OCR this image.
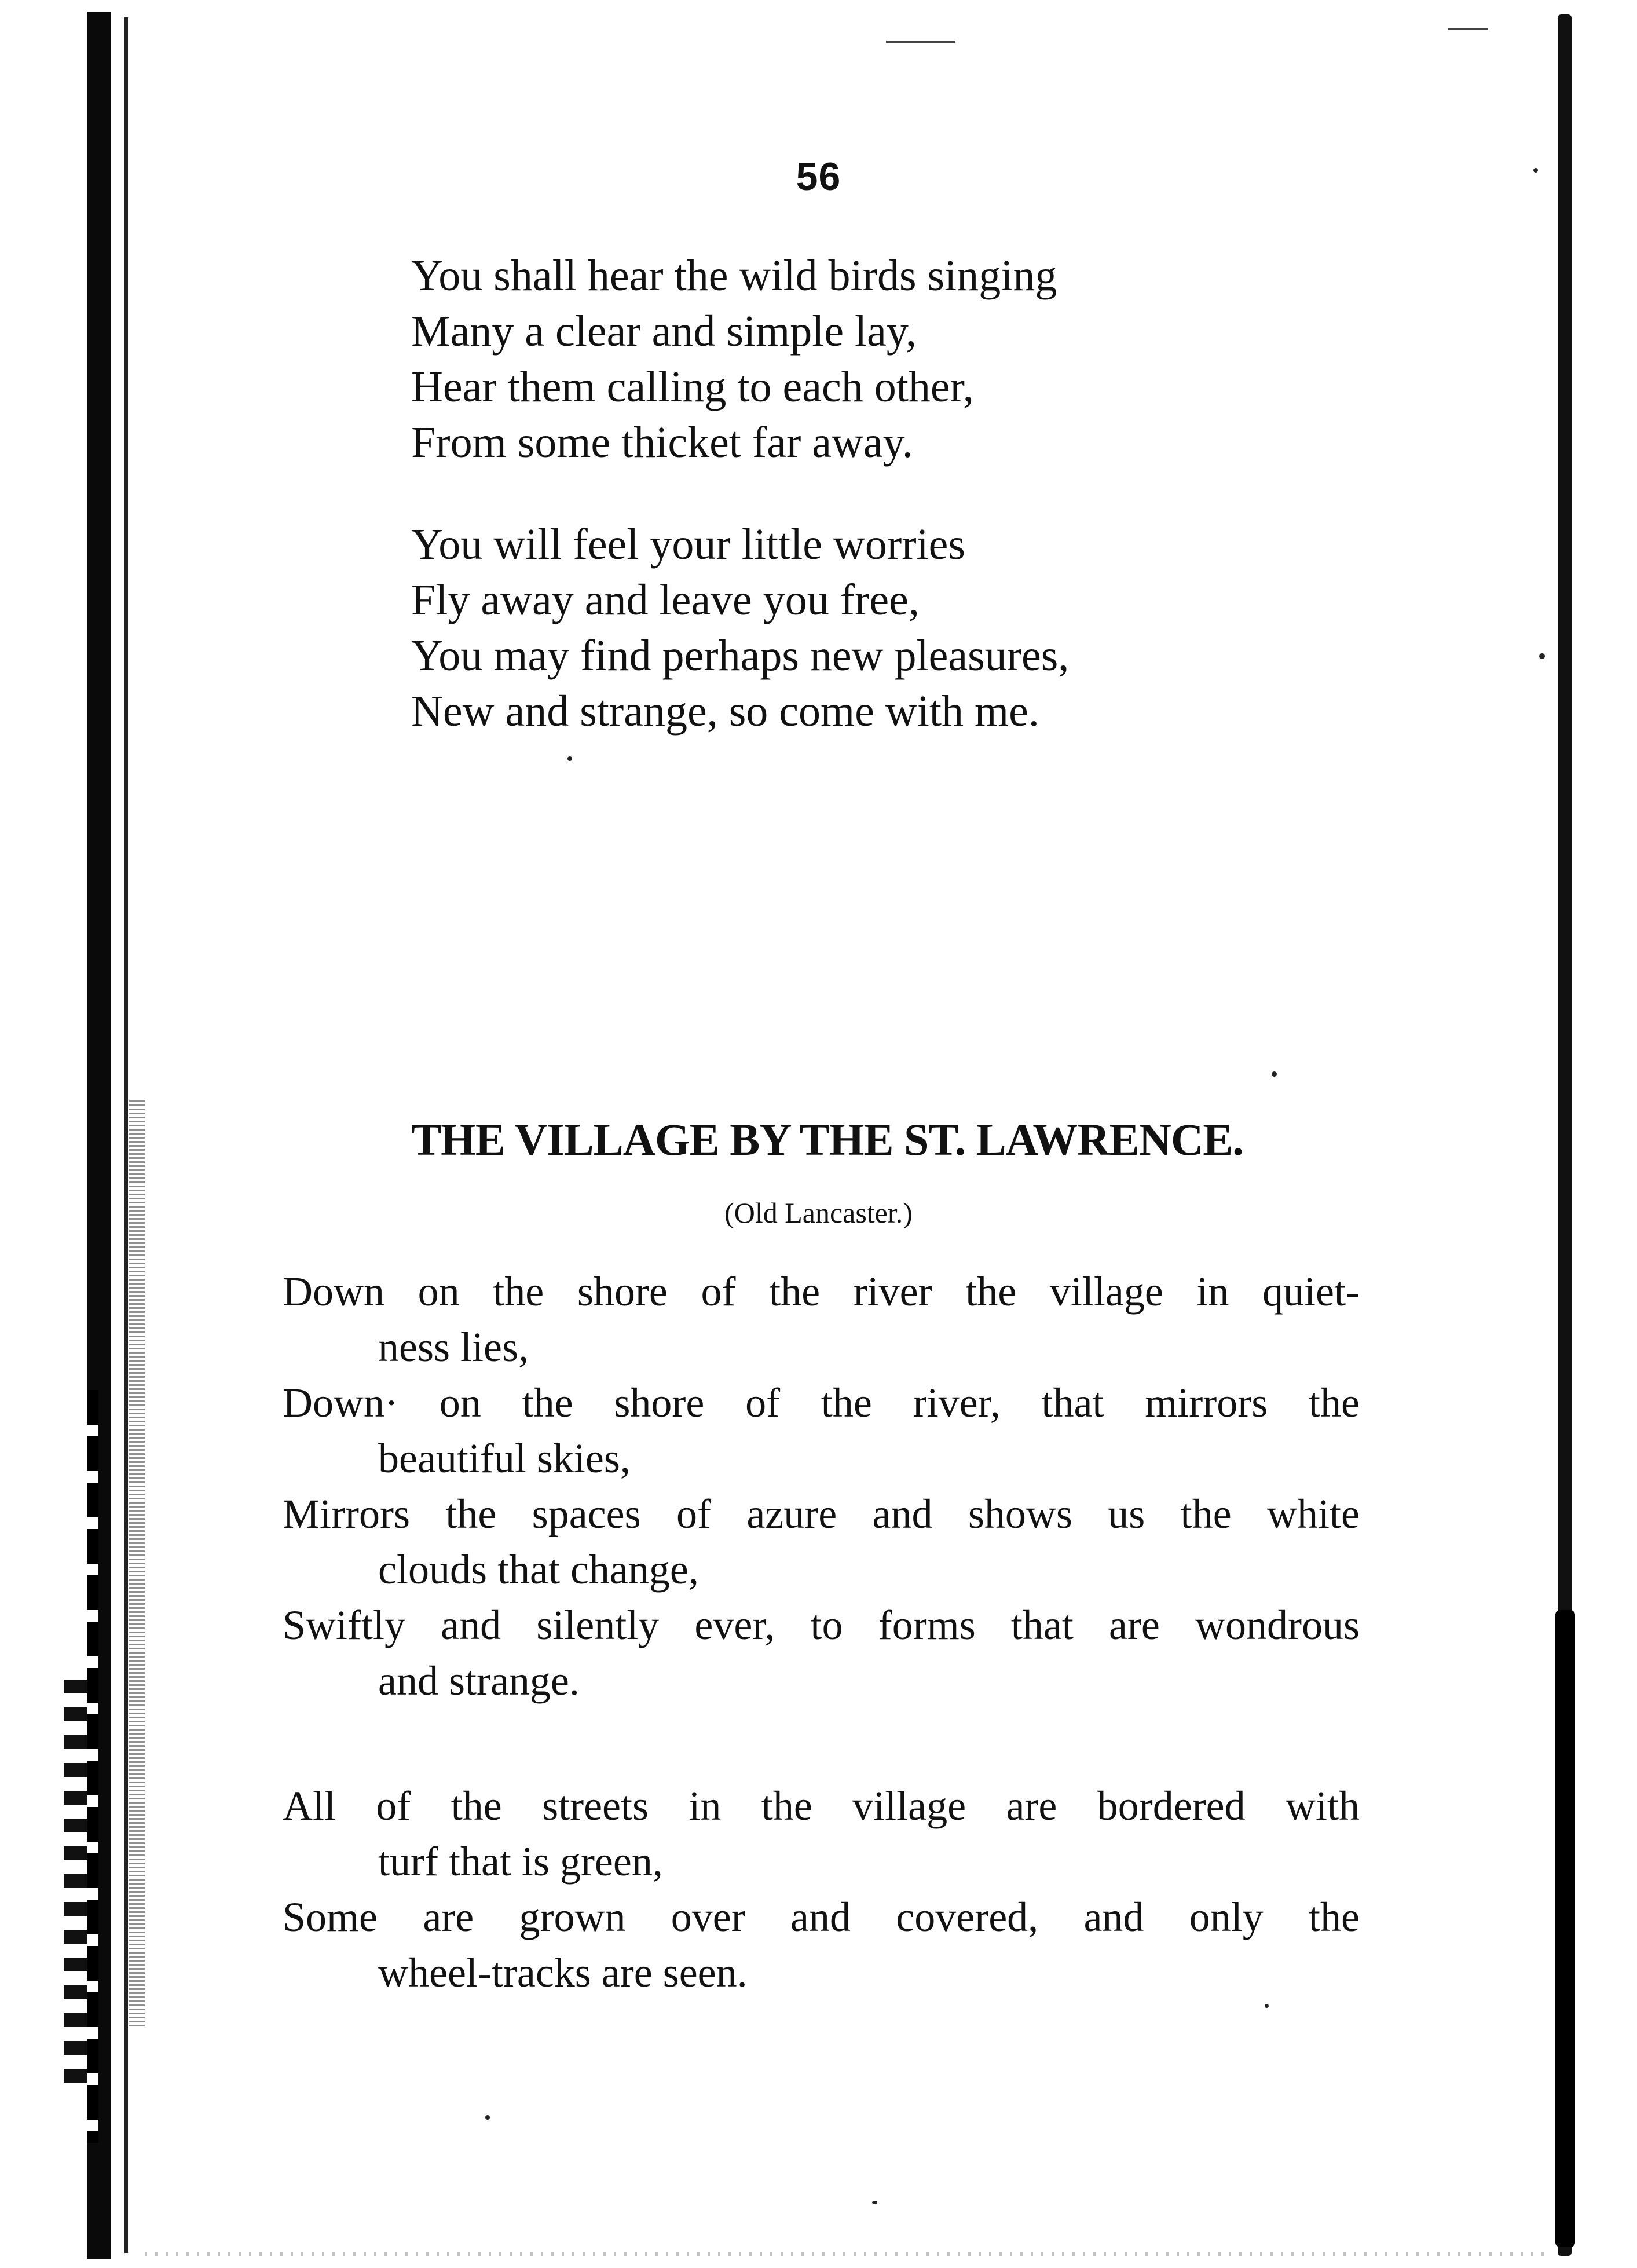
56
You shall hear the wild birds singing
Many a clear and simple lay,
Hear them calling to each other,
From some thicket far away.
You will feel your little worries
Fly away and leave you free,
You may find perhaps new pleasures,
New and strange, so come with me.
THE VILLAGE BY THE ST. LAWRENCE.
(Old Lancaster.)
Down on the shore of the river the village in quiet-
ness lies,
Down· on the shore of the river, that mirrors the
beautiful skies,
Mirrors the spaces of azure and shows us the white
clouds that change,
Swiftly and silently ever, to forms that are wondrous
and strange.
All of the streets in the village are bordered with
turf that is green,
Some are grown over and covered, and only the
wheel-tracks are seen.
